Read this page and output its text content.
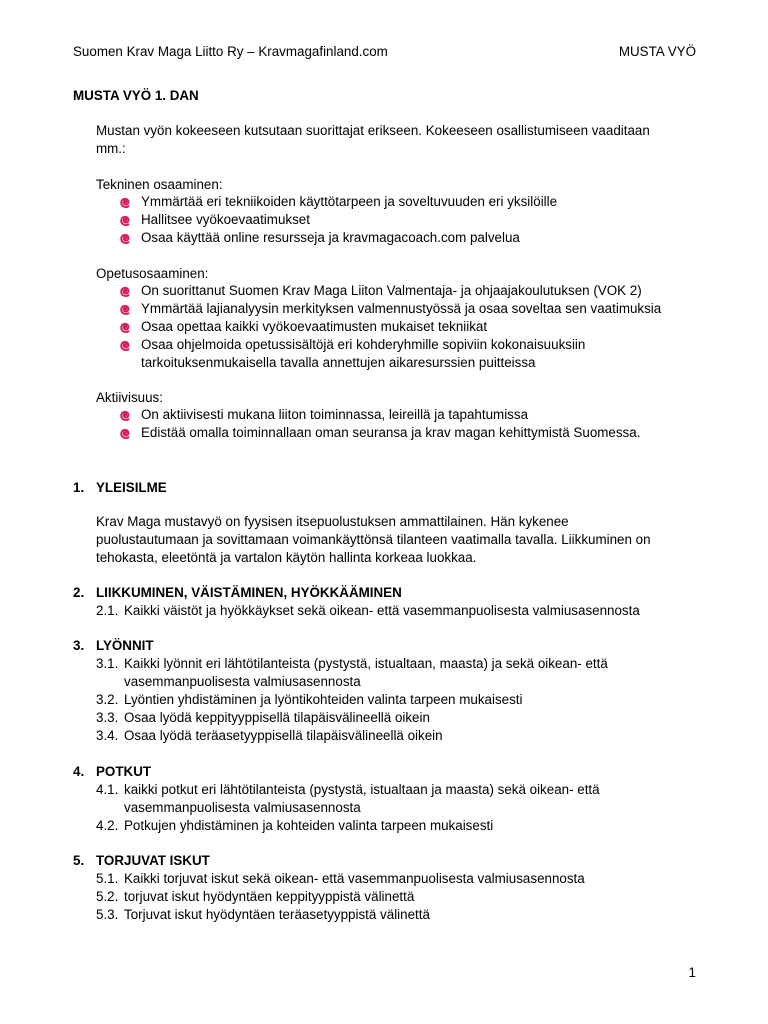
Suomen Krav Maga Liitto Ry – Kravmagafinland.com	MUSTA VYÖ
MUSTA VYÖ 1. DAN
Mustan vyön kokeeseen kutsutaan suorittajat erikseen. Kokeeseen osallistumiseen vaaditaan
mm.:
Tekninen osaaminen:
Ymmärtää eri tekniikoiden käyttötarpeen ja soveltuvuuden eri yksilöille
Hallitsee vyökoevaatimukset
Osaa käyttää online resursseja ja kravmagacoach.com palvelua
Opetusosaaminen:
On suorittanut Suomen Krav Maga Liiton Valmentaja- ja ohjaajakoulutuksen (VOK 2)
Ymmärtää lajianalyysin merkityksen valmennustyössä ja osaa soveltaa sen vaatimuksia
Osaa opettaa kaikki vyökoevaatimusten mukaiset tekniikat
Osaa ohjelmoida opetussisältöjä eri kohderyhmille sopiviin kokonaisuuksiin
tarkoituksenmukaisella tavalla annettujen aikaresurssien puitteissa
Aktiivisuus:
On aktiivisesti mukana liiton toiminnassa, leireillä ja tapahtumissa
Edistää omalla toiminnallaan oman seuransa ja krav magan kehittymistä Suomessa.
1. YLEISILME
Krav Maga mustavyö on fyysisen itsepuolustuksen ammattilainen. Hän kykenee
puolustautumaan ja sovittamaan voimankäyttönsä tilanteen vaatimalla tavalla. Liikkuminen on
tehokasta, eleetöntä ja vartalon käytön hallinta korkeaa luokkaa.
2. LIIKKUMINEN, VÄISTÄMINEN, HYÖKKÄÄMINEN
2.1. Kaikki väistöt ja hyökkäykset sekä oikean- että vasemmanpuolisesta valmiusasennosta
3. LYÖNNIT
3.1. Kaikki lyönnit eri lähtötilanteista (pystystä, istualtaan, maasta) ja sekä oikean- että
vasemmanpuolisesta valmiusasennosta
3.2. Lyöntien yhdistäminen ja lyöntikohteiden valinta tarpeen mukaisesti
3.3. Osaa lyödä keppityyppisellä tilapäisvälineellä oikein
3.4. Osaa lyödä teräasetyyppisellä tilapäisvälineellä oikein
4. POTKUT
4.1. kaikki potkut eri lähtötilanteista (pystystä, istualtaan ja maasta) sekä oikean- että
vasemmanpuolisesta valmiusasennosta
4.2. Potkujen yhdistäminen ja kohteiden valinta tarpeen mukaisesti
5. TORJUVAT ISKUT
5.1. Kaikki torjuvat iskut sekä oikean- että vasemmanpuolisesta valmiusasennosta
5.2. torjuvat iskut hyödyntäen keppityyppistä välinettä
5.3. Torjuvat iskut hyödyntäen teräasetyyppistä välinettä
1
